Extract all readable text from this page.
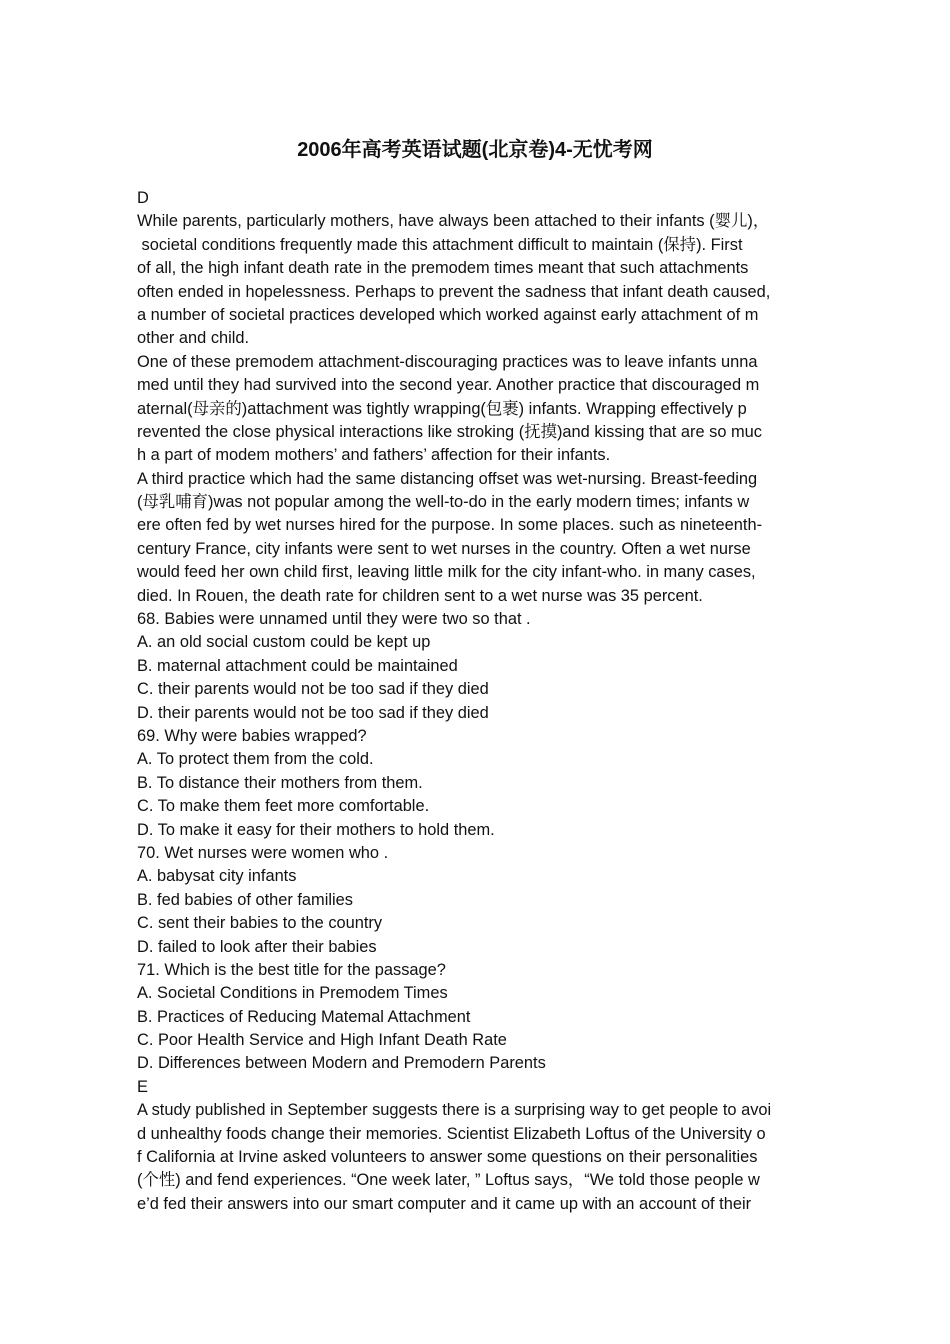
2006年高考英语试题(北京卷)4-无忧考网
D
While parents, particularly mothers, have always been attached to their infants (婴儿)，
societal conditions frequently made this attachment difficult to maintain (保持). First
of all, the high infant death rate in the premodem times meant that such attachments
often ended in hopelessness. Perhaps to prevent the sadness that infant death caused,
a number of societal practices developed which worked against early attachment of m
other and child.
One of these premodem attachment-discouraging practices was to leave infants unna
med until they had survived into the second year. Another practice that discouraged m
aternal(母亲的)attachment was tightly wrapping(包裹) infants. Wrapping effectively p
revented the close physical interactions like stroking (抚摸)and kissing that are so muc
h a part of modem mothers’ and fathers’ affection for their infants.
A third practice which had the same distancing offset was wet-nursing. Breast-feeding
(母乳哺育)was not popular among the well-to-do in the early modern times; infants w
ere often fed by wet nurses hired for the purpose. In some places. such as nineteenth-
century France, city infants were sent to wet nurses in the country. Often a wet nurse
would feed her own child first, leaving little milk for the city infant-who. in many cases,
died. In Rouen, the death rate for children sent to a wet nurse was 35 percent.
68. Babies were unnamed until they were two so that .
A. an old social custom could be kept up
B. maternal attachment could be maintained
C. their parents would not be too sad if they died
D. their parents would not be too sad if they died
69. Why were babies wrapped?
A. To protect them from the cold.
B. To distance their mothers from them.
C. To make them feet more comfortable.
D. To make it easy for their mothers to hold them.
70. Wet nurses were women who .
A. babysat city infants
B. fed babies of other families
C. sent their babies to the country
D. failed to look after their babies
71. Which is the best title for the passage?
A. Societal Conditions in Premodem Times
B. Practices of Reducing Matemal Attachment
C. Poor Health Service and High Infant Death Rate
D. Differences between Modern and Premodern Parents
E
A study published in September suggests there is a surprising way to get people to avoi
d unhealthy foods change their memories. Scientist Elizabeth Loftus of the University o
f California at Irvine asked volunteers to answer some questions on their personalities
(个性) and fend experiences. “One week later, ” Loftus says，“We told those people w
e’d fed their answers into our smart computer and it came up with an account of their
